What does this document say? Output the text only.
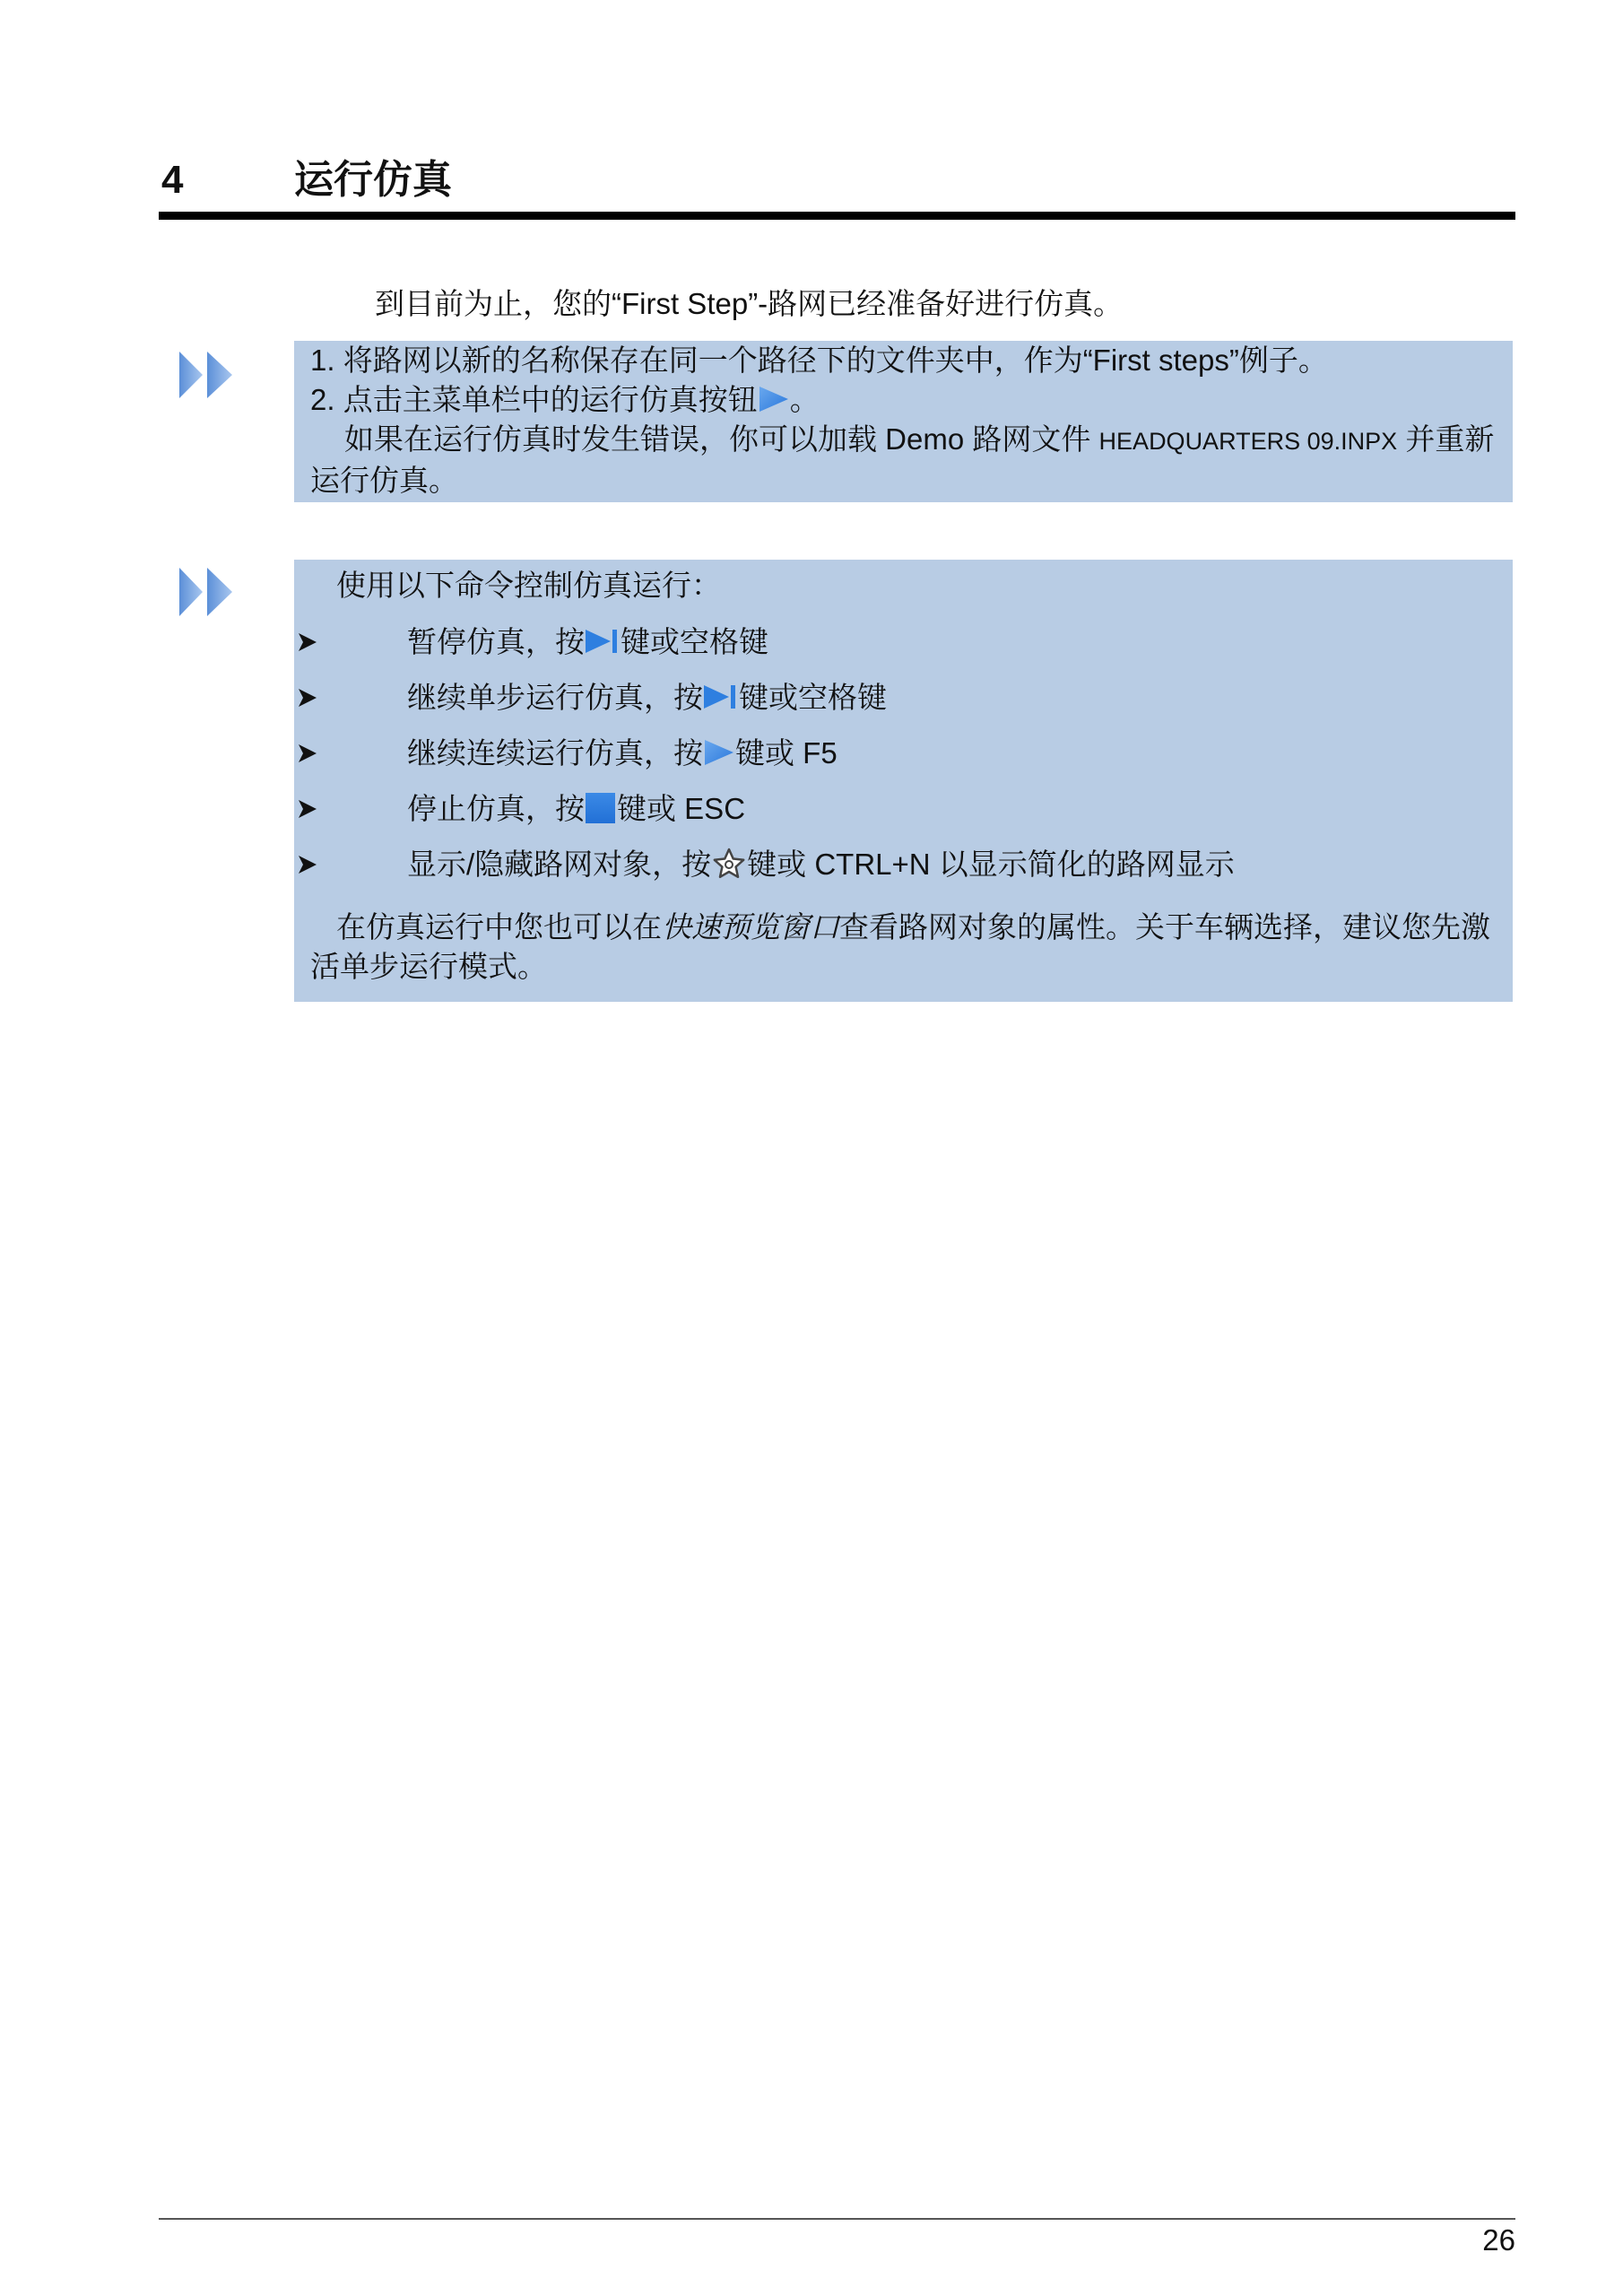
4	运行仿真
到目前为止，您的“First Step”-路网已经准备好进行仿真。

1. 将路网以新的名称保存在同一个路径下的文件夹中，作为“First steps”例子。

2. 点击主菜单栏中的运行仿真按钮 。

如果在运行仿真时发生错误，你可以加载 Demo 路网文件 HEADQUARTERS 09.INPX 并重新运行仿真。

使用以下命令控制仿真运行：

暂停仿真，按 键或空格键
继续单步运行仿真，按 键或空格键
继续连续运行仿真，按 键或 F5
停止仿真，按 键或 ESC
显示/隐藏路网对象，按 键或 CTRL+N 以显示简化的路网显示

在仿真运行中您也可以在快速预览窗口查看路网对象的属性。关于车辆选择，建议您先激活单步运行模式。

26
